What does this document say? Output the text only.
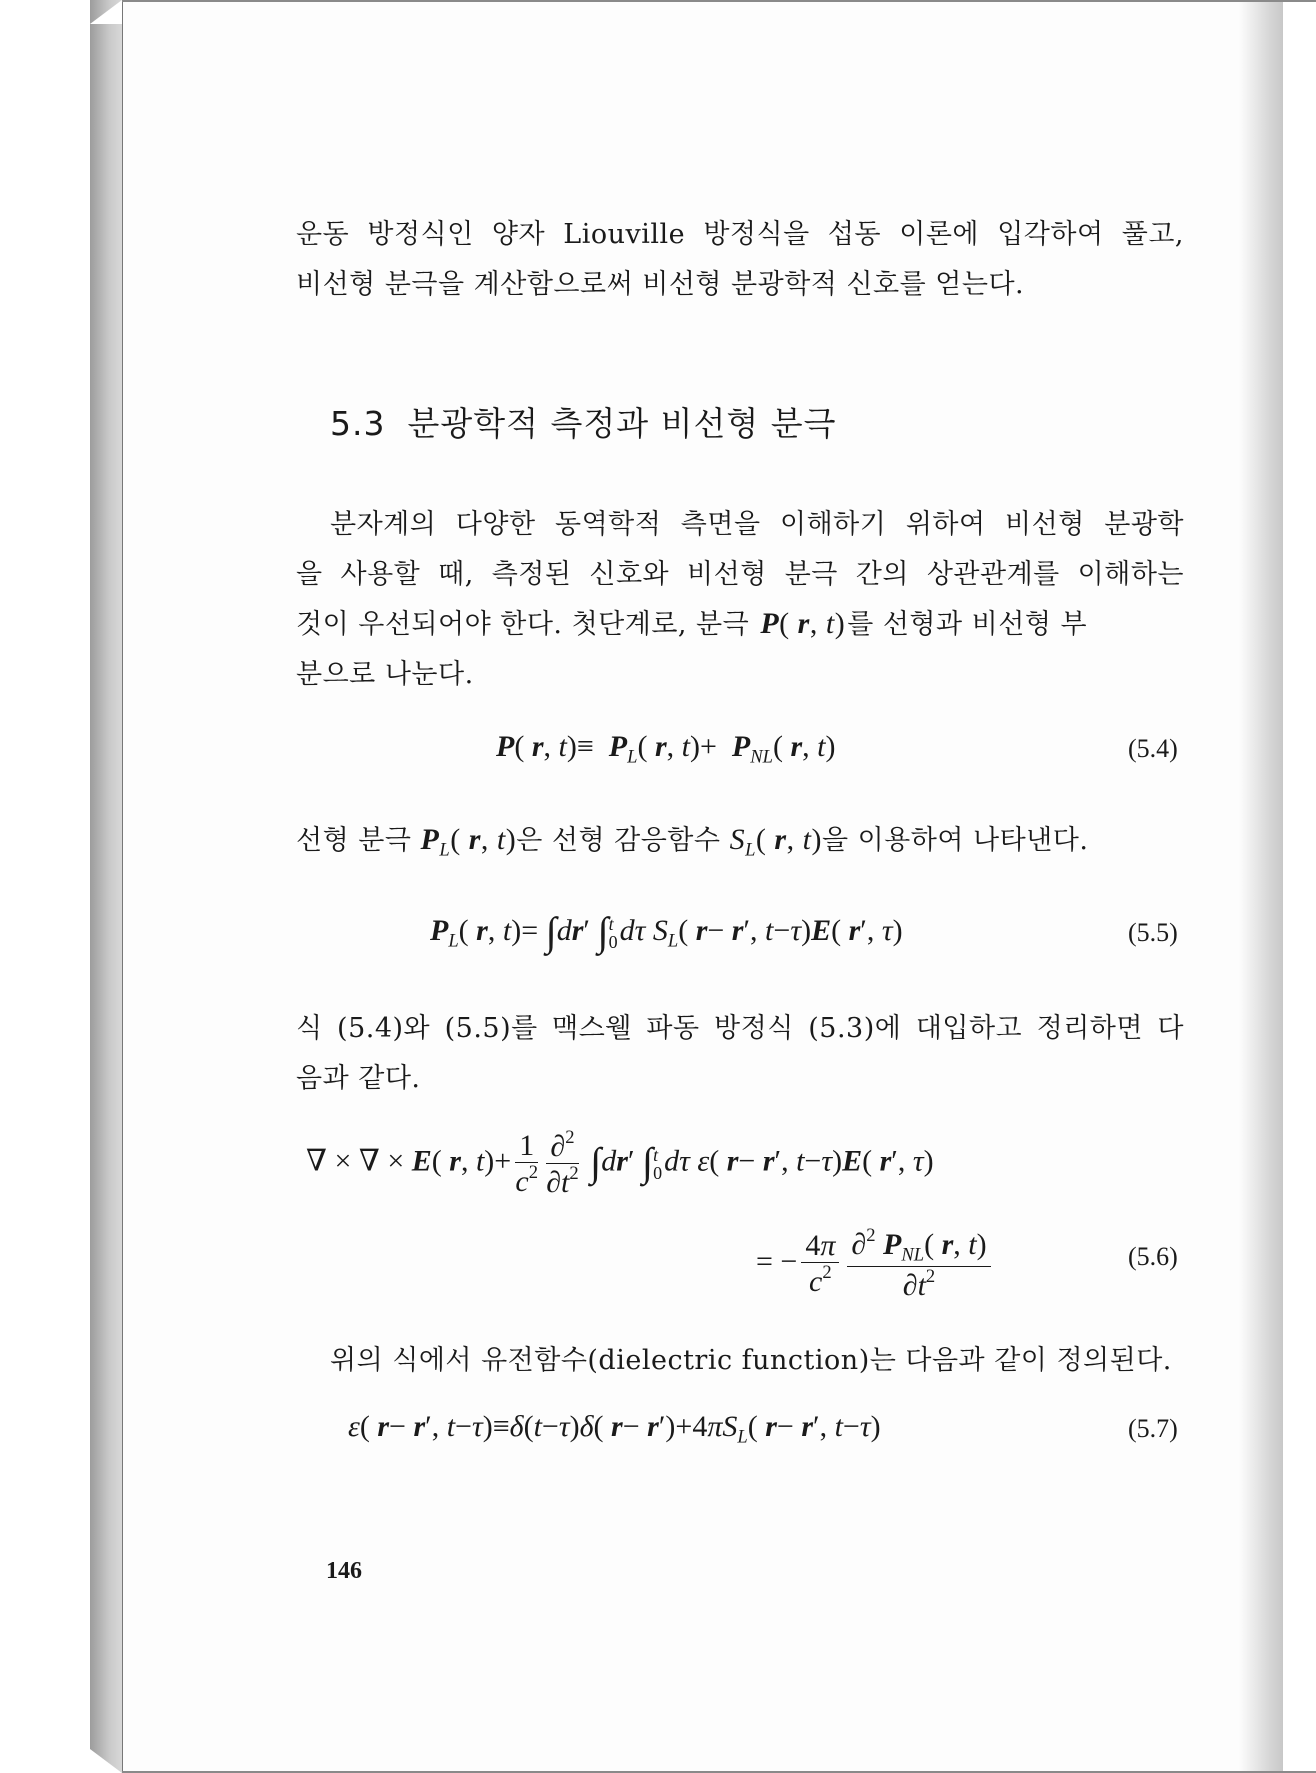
운동 방정식인 양자 Liouville 방정식을 섭동 이론에 입각하여 풀고,
비선형 분극을 계산함으로써 비선형 분광학적 신호를 얻는다.
5.3 분광학적 측정과 비선형 분극
분자계의 다양한 동역학적 측면을 이해하기 위하여 비선형 분광학
을 사용할 때, 측정된 신호와 비선형 분극 간의 상관관계를 이해하는
것이 우선되어야 한다. 첫단계로, 분극 P( r, t)를 선형과 비선형 부
분으로 나눈다.
P( r, $t)\equiv P_L$( r, $t)+ P_{NL}$( r, t)	(5.4)
선형 분극 $P_L$( r, t)은 선형 감응함수 $S_L$( r, t)을 이용하여 나타낸다.
$P_L$( r, t)= ∫dr′ ∫ t
0 dτ $S_L$( r− r′, t−τ)E( r′, τ)	(5.5)
식 (5.4)와 (5.5)를 맥스웰 파동 방정식 (5.3)에 대입하고 정리하면 다
음과 같다.
∇ × ∇ × E( r, $t)+ \frac{1}{c^2} \frac{\partial^2}{\partial t^2} \int dr'$ ∫ t
0 dτ ε( r− r′, t−τ)E( r′, τ)
= − $\frac{4\pi}{c^2} \frac{\partial^2 P_{NL}( r, t)}{\partial t^2}$	(5.6)
위의 식에서 유전함수(dielectric function)는 다음과 같이 정의된다.
ε( r− r′, t−τ)≡δ(t−τ)δ( $r- r')+4\pi S_L$( r− r′, t−τ)	(5.7)
146
